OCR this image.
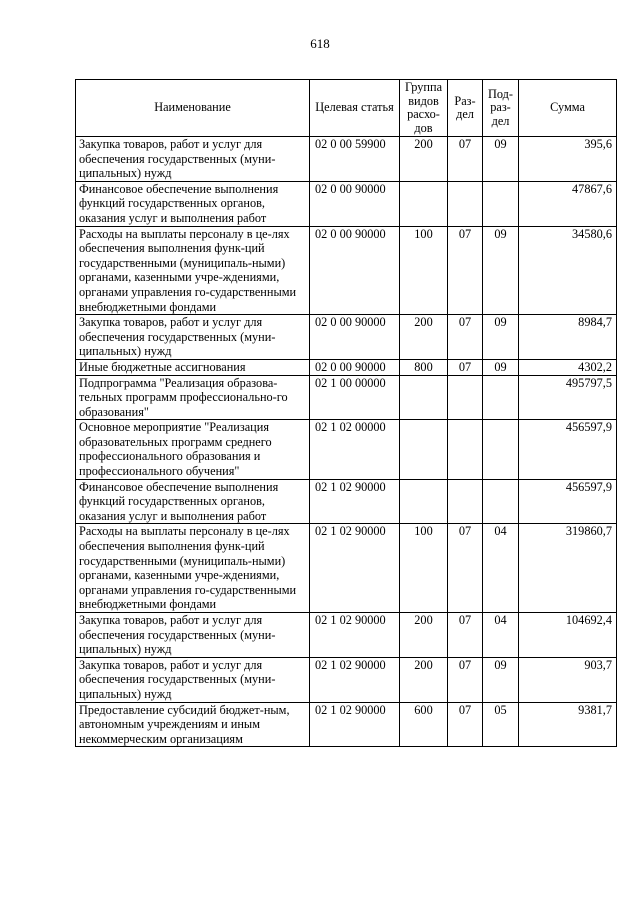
618
Наименование	Целевая статья	Группа видов расхо-дов	Раз-дел	Под-раз-дел	Сумма
Закупка товаров, работ и услуг для обеспечения государственных (муни-ципальных) нужд	02 0 00 59900	200	07	09	395,6
Финансовое обеспечение выполнения функций государственных органов, оказания услуг и выполнения работ	02 0 00 90000				47867,6
Расходы на выплаты персоналу в це-лях обеспечения выполнения функ-ций государственными (муниципаль-ными) органами, казенными учре-ждениями, органами управления го-сударственными внебюджетными фондами	02 0 00 90000	100	07	09	34580,6
Закупка товаров, работ и услуг для обеспечения государственных (муни-ципальных) нужд	02 0 00 90000	200	07	09	8984,7
Иные бюджетные ассигнования	02 0 00 90000	800	07	09	4302,2
Подпрограмма "Реализация образова-тельных программ профессионально-го образования"	02 1 00 00000				495797,5
Основное мероприятие "Реализация образовательных программ среднего профессионального образования и профессионального обучения"	02 1 02 00000				456597,9
Финансовое обеспечение выполнения функций государственных органов, оказания услуг и выполнения работ	02 1 02 90000				456597,9
Расходы на выплаты персоналу в це-лях обеспечения выполнения функ-ций государственными (муниципаль-ными) органами, казенными учре-ждениями, органами управления го-сударственными внебюджетными фондами	02 1 02 90000	100	07	04	319860,7
Закупка товаров, работ и услуг для обеспечения государственных (муни-ципальных) нужд	02 1 02 90000	200	07	04	104692,4
Закупка товаров, работ и услуг для обеспечения государственных (муни-ципальных) нужд	02 1 02 90000	200	07	09	903,7
Предоставление субсидий бюджет-ным, автономным учреждениям и иным некоммерческим организациям	02 1 02 90000	600	07	05	9381,7
